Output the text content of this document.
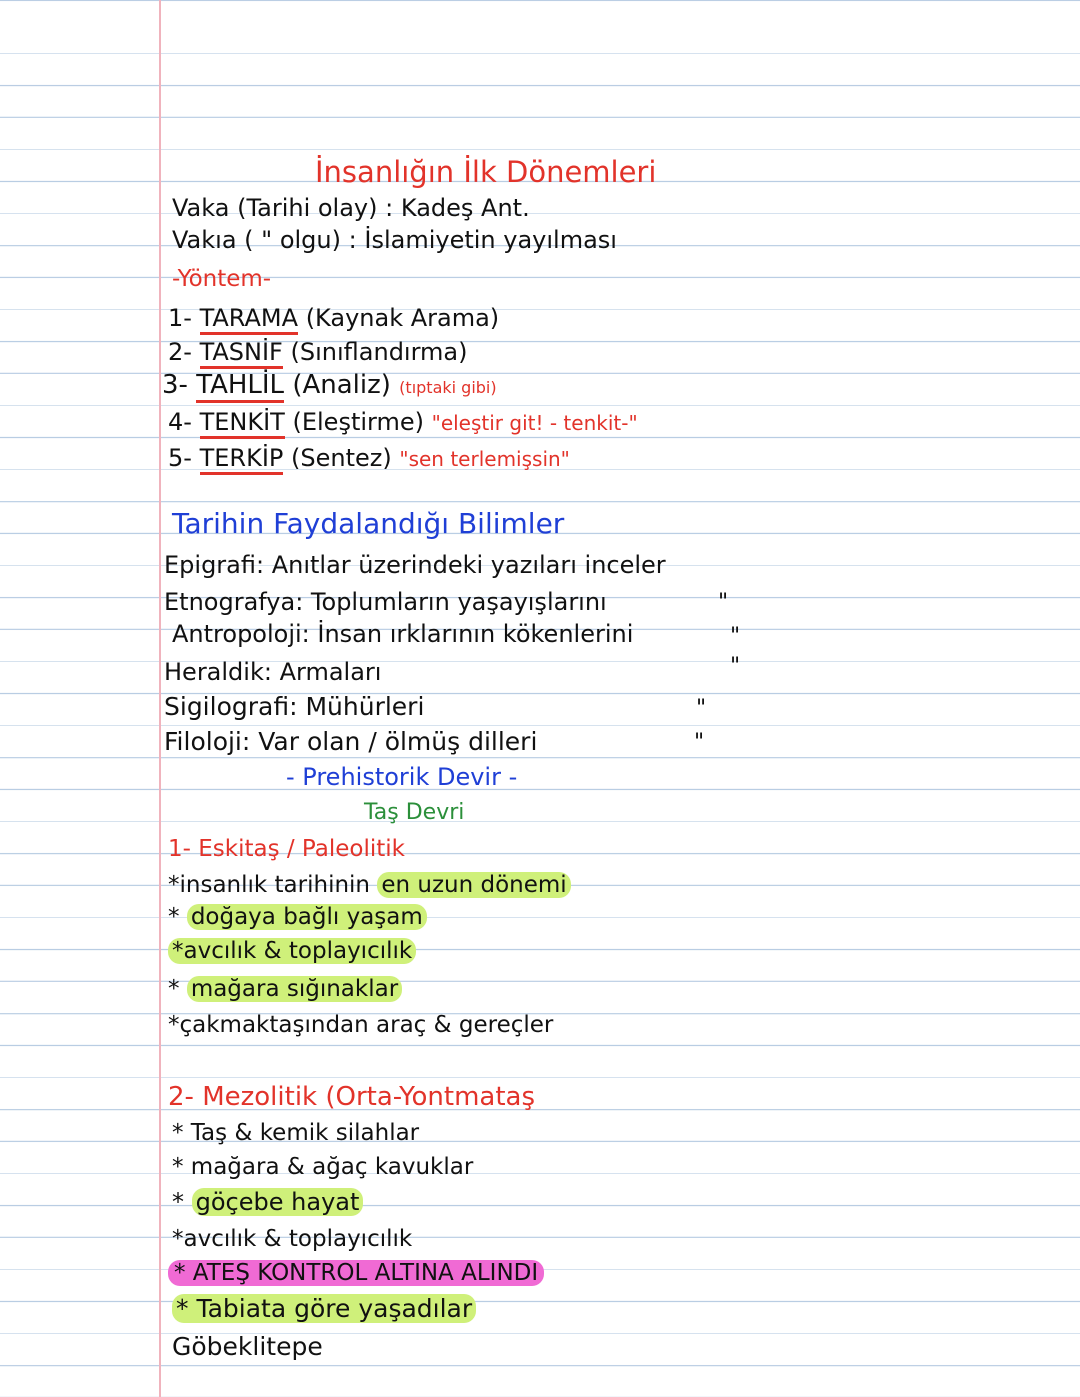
İnsanlığın İlk Dönemleri
Vaka (Tarihi olay) : Kadeş Ant.
Vakıa ( " olgu) : İslamiyetin yayılması
-Yöntem-
1- TARAMA (Kaynak Arama)
2- TASNİF (Sınıflandırma)
3- TAHLİL (Analiz) (tıptaki gibi)
4- TENKİT (Eleştirme) "eleştir git! - tenkit-"
5- TERKİP (Sentez) "sen terlemişsin"
Tarihin Faydalandığı Bilimler
Epigrafi: Anıtlar üzerindeki yazıları inceler
Etnografya: Toplumların yaşayışlarını	"
Antropoloji: İnsan ırklarının kökenlerini	"
Heraldik: Armaları	"
Sigilografi: Mühürleri	"
Filoloji: Var olan / ölmüş dilleri	"
- Prehistorik Devir -
Taş Devri
1- Eskitaş / Paleolitik
*insanlık tarihinin en uzun dönemi
* doğaya bağlı yaşam
*avcılık & toplayıcılık
* mağara sığınaklar
*çakmaktaşından araç & gereçler
2- Mezolitik (Orta-Yontmataş
* Taş & kemik silahlar
* mağara & ağaç kavuklar
* göçebe hayat
*avcılık & toplayıcılık
* ATEŞ KONTROL ALTINA ALINDI
* Tabiata göre yaşadılar
Göbeklitepe
